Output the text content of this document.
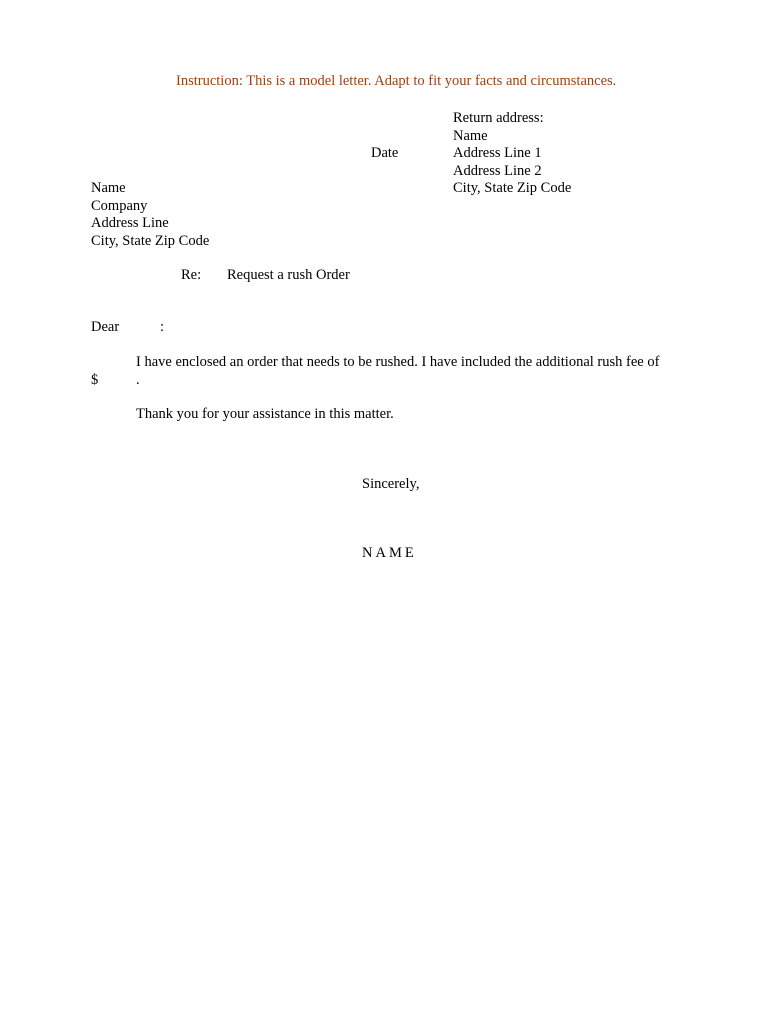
Instruction: This is a model letter. Adapt to fit your facts and circumstances.
Date
Return address:
Name
Address Line 1
Address Line 2
City, State Zip Code
Name
Company
Address Line
City, State Zip Code
Re: Request a rush Order
Dear	:
I have enclosed an order that needs to be rushed. I have included the additional rush fee of
$	.
Thank you for your assistance in this matter.
Sincerely,
NAME
